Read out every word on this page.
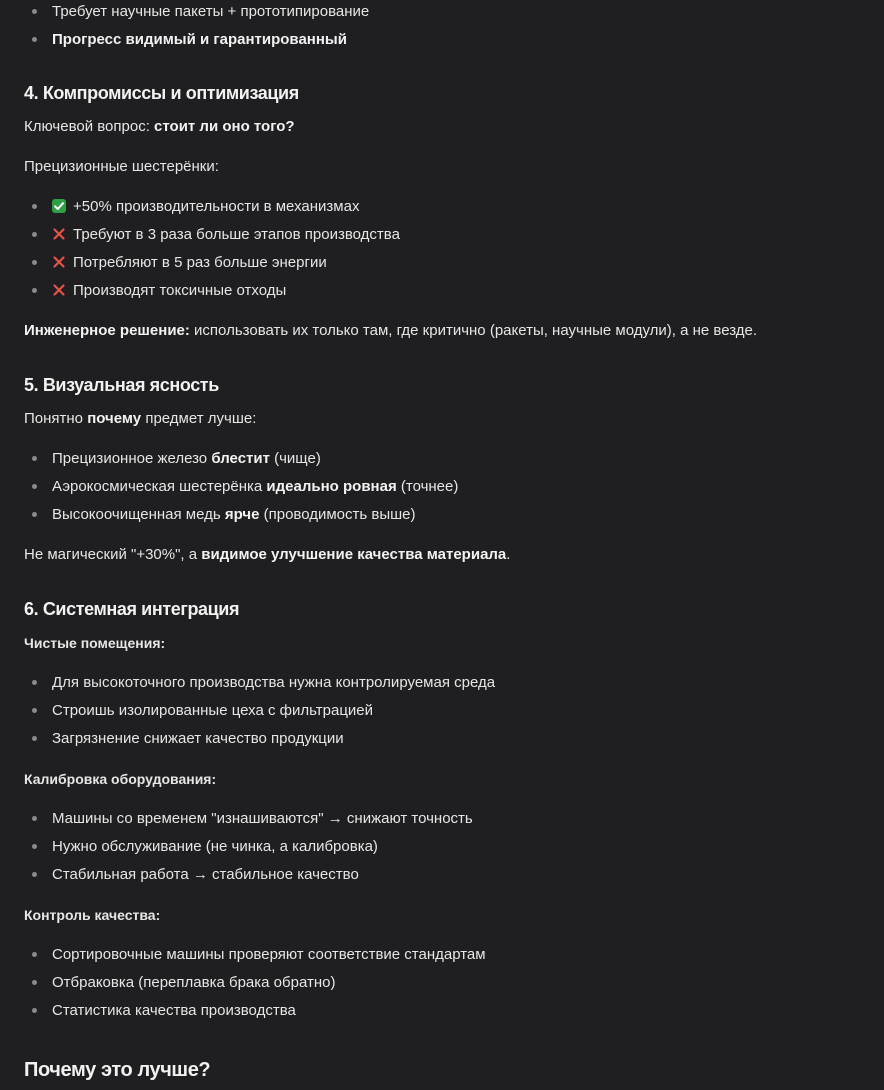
Требует научные пакеты + прототипирование
Прогресс видимый и гарантированный
4. Компромиссы и оптимизация

Ключевой вопрос: стоит ли оно того?

Прецизионные шестерёнки:

+50% производительности в механизмах
Требуют в 3 раза больше этапов производства
Потребляют в 5 раз больше энергии
Производят токсичные отходы

Инженерное решение: использовать их только там, где критично (ракеты, научные модули), а не везде.

5. Визуальная ясность

Понятно почему предмет лучше:

Прецизионное железо блестит (чище)
Аэрокосмическая шестерёнка идеально ровная (точнее)
Высокоочищенная медь ярче (проводимость выше)

Не магический "+30%", а видимое улучшение качества материала.

6. Системная интеграция
Чистые помещения:
Для высокоточного производства нужна контролируемая среда
Строишь изолированные цеха с фильтрацией
Загрязнение снижает качество продукции
Калибровка оборудования:
Машины со временем "изнашиваются" → снижают точность
Нужно обслуживание (не чинка, а калибровка)
Стабильная работа → стабильное качество
Контроль качества:
Сортировочные машины проверяют соответствие стандартам
Отбраковка (переплавка брака обратно)
Статистика качества производства
Почему это лучше?
